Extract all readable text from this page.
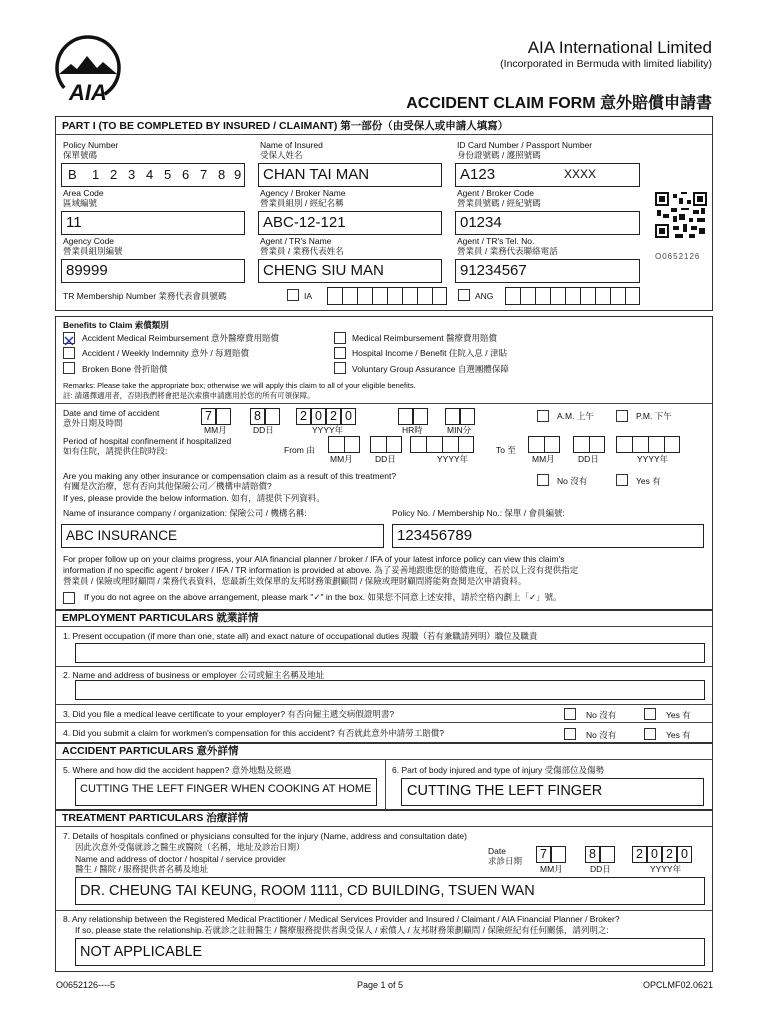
AIA
AIA International Limited
(Incorporated in Bermuda with limited liability)
ACCIDENT CLAIM FORM 意外賠償申請書
PART I (TO BE COMPLETED BY INSURED / CLAIMANT) 第一部份（由受保人或申請人填寫）
Policy Number
保單號碼
B 1 2 3 4 5 6 7 8 9
Name of Insured
受保人姓名
CHAN TAI MAN
ID Card Number / Passport Number
身份證號碼 / 護照號碼
A123	XXXX
Area Code
區域編號
11
Agency / Broker Name
營業員組別 / 經紀名稱
ABC-12-121
Agent / Broker Code
營業員號碼 / 經紀號碼
01234
Agency Code
營業員組別編號
89999
Agent / TR's Name
營業員 / 業務代表姓名
CHENG SIU MAN
Agent / TR's Tel. No.
營業員 / 業務代表聯絡電話
91234567
O0652126
TR Membership Number 業務代表會員號碼	IA	ANG
Benefits to Claim 索償類別
Accident Medical Reimbursement 意外醫療費用賠償
Accident / Weekly Indemnity 意外 / 每週賠償
Broken Bone 骨折賠償
Medical Reimbursement 醫療費用賠償
Hospital Income / Benefit 住院入息 / 津貼
Voluntary Group Assurance 自選團體保障
Remarks: Please take the appropriate box; otherwise we will apply this claim to all of your eligible benefits.
註: 請選擇適用者，否則我們將會把是次索償申請應用於您的所有可領保障。
Date and time of accident
意外日期及時間	7	8	2 0 2 0
MM月	DD日	YYYY年	HR時	MIN分
A.M. 上午	P.M. 下午
Period of hospital confinement if hospitalized
如有住院，請提供住院時段:	From 由
MM月	DD日	YYYY年
To 至
MM月	DD日	YYYY年
Are you making any other insurance or compensation claim as a result of this treatment?
有關是次治療，您有否向其他保險公司／機構申請賠償?	No 沒有	Yes 有
If yes, please provide the below information. 如有，請提供下列資料。
Name of insurance company / organization: 保險公司 / 機構名稱:	Policy No. / Membership No.: 保單 / 會員編號:
ABC INSURANCE	123456789
For proper follow up on your claims progress, your AIA financial planner / broker / IFA of your latest inforce policy can view this claim's
information if no specific agent / broker / IFA / TR information is provided at above. 為了妥善地跟進您的賠償進度，若於以上沒有提供指定
營業員 / 保險或理財顧問 / 業務代表資料，您最新生效保單的友邦財務策劃顧問 / 保險或理財顧問將能夠查閱是次申請資料。
If you do not agree on the above arrangement, please mark "✓" in the box. 如果您不同意上述安排，請於空格內劃上「✓」號。
EMPLOYMENT PARTICULARS 就業詳情
1. Present occupation (if more than one, state all) and exact nature of occupational duties 現職（若有兼職請列明）職位及職責
2. Name and address of business or employer 公司或僱主名稱及地址
3. Did you file a medical leave certificate to your employer? 有否向僱主遞交病假證明書?	No 沒有	Yes 有
4. Did you submit a claim for workmen's compensation for this accident? 有否就此意外申請勞工賠償?	No 沒有	Yes 有
ACCIDENT PARTICULARS 意外詳情
5. Where and how did the accident happen? 意外地點及經過
CUTTING THE LEFT FINGER WHEN COOKING AT HOME
6. Part of body injured and type of injury 受傷部位及傷勢
CUTTING THE LEFT FINGER
TREATMENT PARTICULARS 治療詳情
7. Details of hospitals confined or physicians consulted for the injury (Name, address and consultation date)
因此次意外受傷就診之醫生或醫院（名稱，地址及診治日期）
Name and address of doctor / hospital / service provider
醫生 / 醫院 / 服務提供者名稱及地址
Date
求診日期	7	8	2 0 2 0
MM月	DD日	YYYY年
DR. CHEUNG TAI KEUNG, ROOM 1111, CD BUILDING, TSUEN WAN
8. Any relationship between the Registered Medical Practitioner / Medical Services Provider and Insured / Claimant / AIA Financial Planner / Broker?
If so, please state the relationship.若就診之註冊醫生 / 醫療服務提供者與受保人 / 索償人 / 友邦財務策劃顧問 / 保險經紀有任何關係，請列明之:
NOT APPLICABLE
O0652126----5	Page 1 of 5	OPCLMF02.0621
